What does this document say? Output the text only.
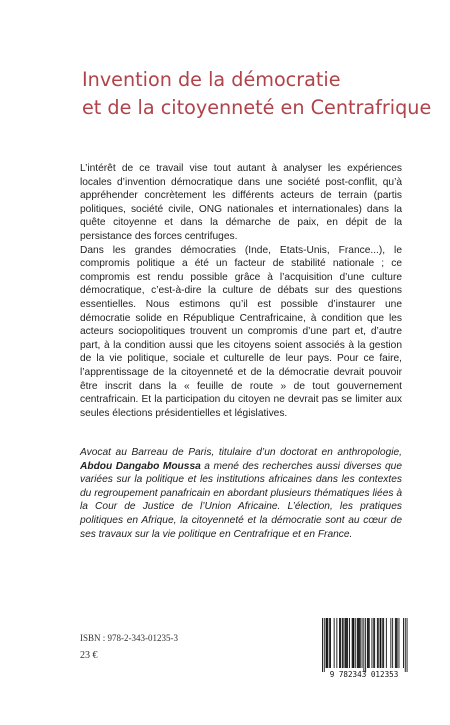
Invention de la démocratie
et de la citoyenneté en Centrafrique

L’intérêt de ce travail vise tout autant à analyser les expériences locales d’invention démocratique dans une société post-conflit, qu’à appréhender concrètement les différents acteurs de terrain (partis politiques, société civile, ONG nationales et internationales) dans la quête citoyenne et dans la démarche de paix, en dépit de la persistance des forces centrifuges.

Dans les grandes démocraties (Inde, Etats-Unis, France...), le compromis politique a été un facteur de stabilité nationale ; ce compromis est rendu possible grâce à l’acquisition d’une culture démocratique, c’est-à-dire la culture de débats sur des questions essentielles. Nous estimons qu’il est possible d’instaurer une démocratie solide en République Centrafricaine, à condition que les acteurs sociopolitiques trouvent un compromis d’une part et, d’autre part, à la condition aussi que les citoyens soient associés à la gestion de la vie politique, sociale et culturelle de leur pays. Pour ce faire, l’apprentissage de la citoyenneté et de la démocratie devrait pouvoir être inscrit dans la « feuille de route » de tout gouvernement centrafricain. Et la participation du citoyen ne devrait pas se limiter aux seules élections présidentielles et législatives.

Avocat au Barreau de Paris, titulaire d’un doctorat en anthropologie, Abdou Dangabo Moussa a mené des recherches aussi diverses que variées sur la politique et les institutions africaines dans les contextes du regroupement panafricain en abordant plusieurs thématiques liées à la Cour de Justice de l’Union Africaine. L’élection, les pratiques politiques en Afrique, la citoyenneté et la démocratie sont au cœur de ses travaux sur la vie politique en Centrafrique et en France.

ISBN : 978-2-343-01235-3
23 €
9 782343 012353
